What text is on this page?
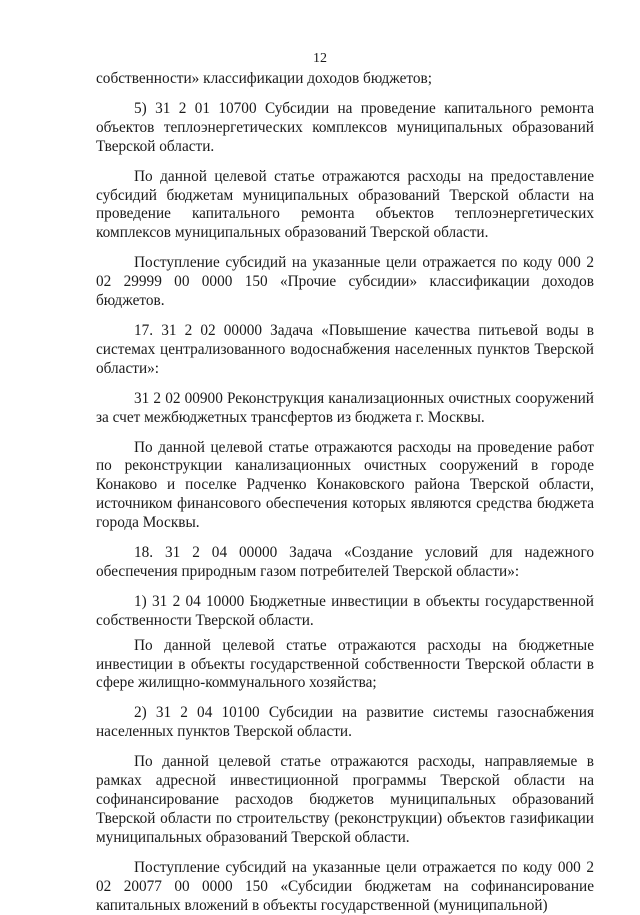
12

собственности» классификации доходов бюджетов;

5) 31 2 01 10700 Субсидии на проведение капитального ремонта объектов теплоэнергетических комплексов муниципальных образований Тверской области.

По данной целевой статье отражаются расходы на предоставление субсидий бюджетам муниципальных образований Тверской области на проведение капитального ремонта объектов теплоэнергетических комплексов муниципальных образований Тверской области.

Поступление субсидий на указанные цели отражается по коду 000 2 02 29999 00 0000 150 «Прочие субсидии» классификации доходов бюджетов.

17. 31 2 02 00000 Задача «Повышение качества питьевой воды в системах централизованного водоснабжения населенных пунктов Тверской области»:

31 2 02 00900 Реконструкция канализационных очистных сооружений за счет межбюджетных трансфертов из бюджета г. Москвы.

По данной целевой статье отражаются расходы на проведение работ по реконструкции канализационных очистных сооружений в городе Конаково и поселке Радченко Конаковского района Тверской области, источником финансового обеспечения которых являются средства бюджета города Москвы.

18. 31 2 04 00000 Задача «Создание условий для надежного обеспечения природным газом потребителей Тверской области»:

1) 31 2 04 10000 Бюджетные инвестиции в объекты государственной собственности Тверской области.

По данной целевой статье отражаются расходы на бюджетные инвестиции в объекты государственной собственности Тверской области в сфере жилищно-коммунального хозяйства;

2) 31 2 04 10100 Субсидии на развитие системы газоснабжения населенных пунктов Тверской области.

По данной целевой статье отражаются расходы, направляемые в рамках адресной инвестиционной программы Тверской области на софинансирование расходов бюджетов муниципальных образований Тверской области по строительству (реконструкции) объектов газификации муниципальных образований Тверской области.

Поступление субсидий на указанные цели отражается по коду 000 2 02 20077 00 0000 150 «Субсидии бюджетам на софинансирование капитальных вложений в объекты государственной (муниципальной)
